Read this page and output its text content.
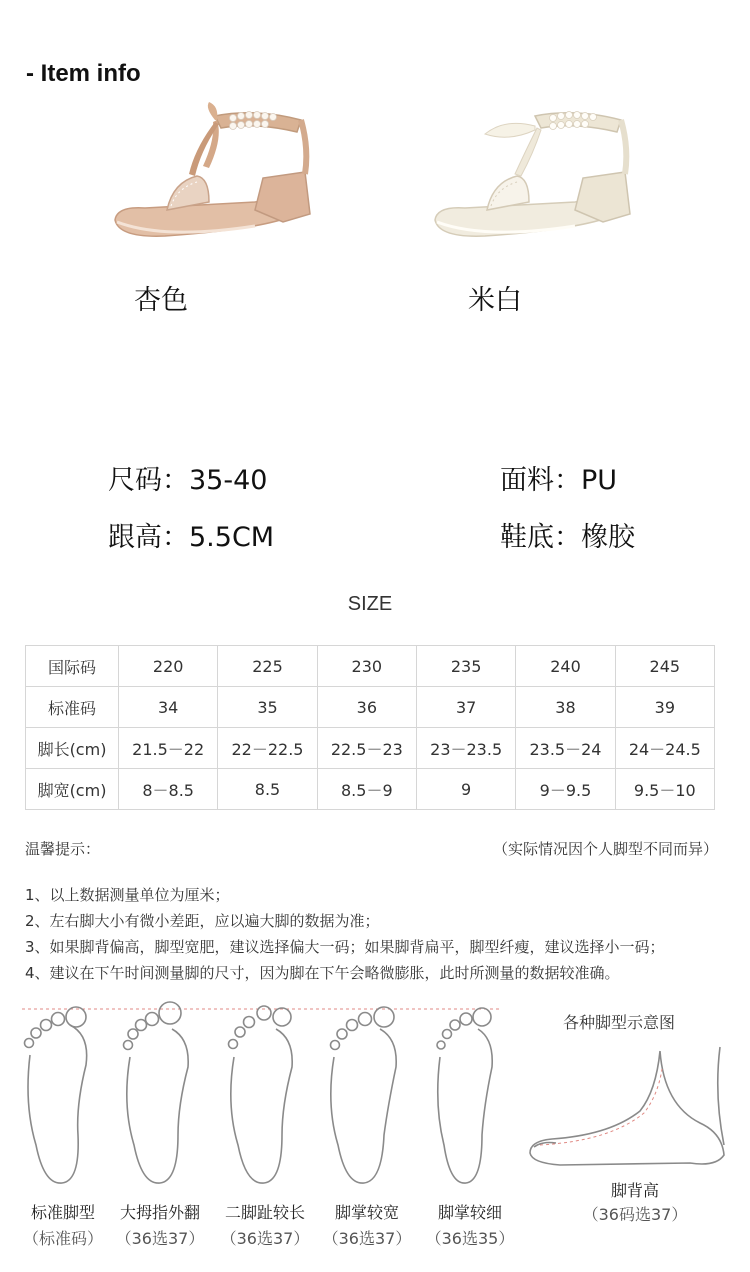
- Item info
杏色	米白
尺码：35-40	面料：PU
跟高：5.5CM	鞋底：橡胶
SIZE
国际码	220	225	230	235	240	245
标准码	34	35	36	37	38	39
脚长(cm)	21.5－22	22－22.5	22.5－23	23－23.5	23.5－24	24－24.5
脚宽(cm)	8－8.5	8.5	8.5－9	9	9－9.5	9.5－10
温馨提示：	（实际情况因个人脚型不同而异）
1、以上数据测量单位为厘米；
2、左右脚大小有微小差距，应以遍大脚的数据为准；
3、如果脚背偏高，脚型宽肥，建议选择偏大一码；如果脚背扁平，脚型纤瘦，建议选择小一码；
4、建议在下午时间测量脚的尺寸，因为脚在下午会略微膨胀，此时所测量的数据较准确。
各种脚型示意图
标准脚型
（标准码）
大拇指外翻
（36选37）
二脚趾较长
（36选37）
脚掌较宽
（36选37）
脚掌较细
（36选35）
脚背高
（36码选37）
